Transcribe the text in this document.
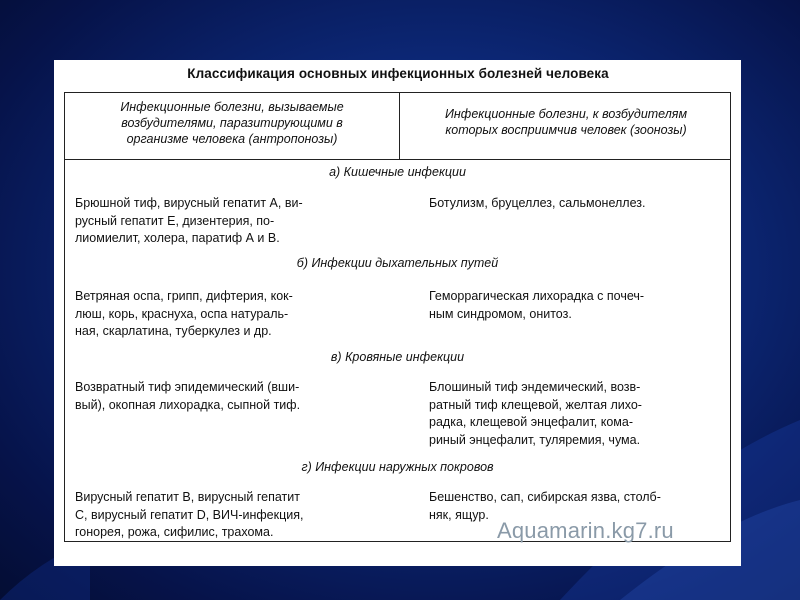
Классификация основных инфекционных болезней человека
Инфекционные болезни, вызываемые
возбудителями, паразитирующими в
организме человека (антропонозы)
Инфекционные болезни, к возбудителям
которых восприимчив человек (зоонозы)
а) Кишечные инфекции
Брюшной тиф, вирусный гепатит А, ви-
русный гепатит Е, дизентерия, по-
лиомиелит, холера, паратиф А и В.
Ботулизм, бруцеллез, сальмонеллез.
б) Инфекции дыхательных путей
Ветряная оспа, грипп, дифтерия, кок-
люш, корь, краснуха, оспа натураль-
ная, скарлатина, туберкулез и др.
Геморрагическая лихорадка с почеч-
ным синдромом, онитоз.
в) Кровяные инфекции
Возвратный тиф эпидемический (вши-
вый), окопная лихорадка, сыпной тиф.
Блошиный тиф эндемический, возв-
ратный тиф клещевой, желтая лихо-
радка, клещевой энцефалит, кома-
риный энцефалит, туляремия, чума.
г) Инфекции наружных покровов
Вирусный гепатит В, вирусный гепатит
С, вирусный гепатит D, ВИЧ-инфекция,
гонорея, рожа, сифилис, трахома.
Бешенство, сап, сибирская язва, столб-
няк, ящур.
Aquamarin.kg7.ru
